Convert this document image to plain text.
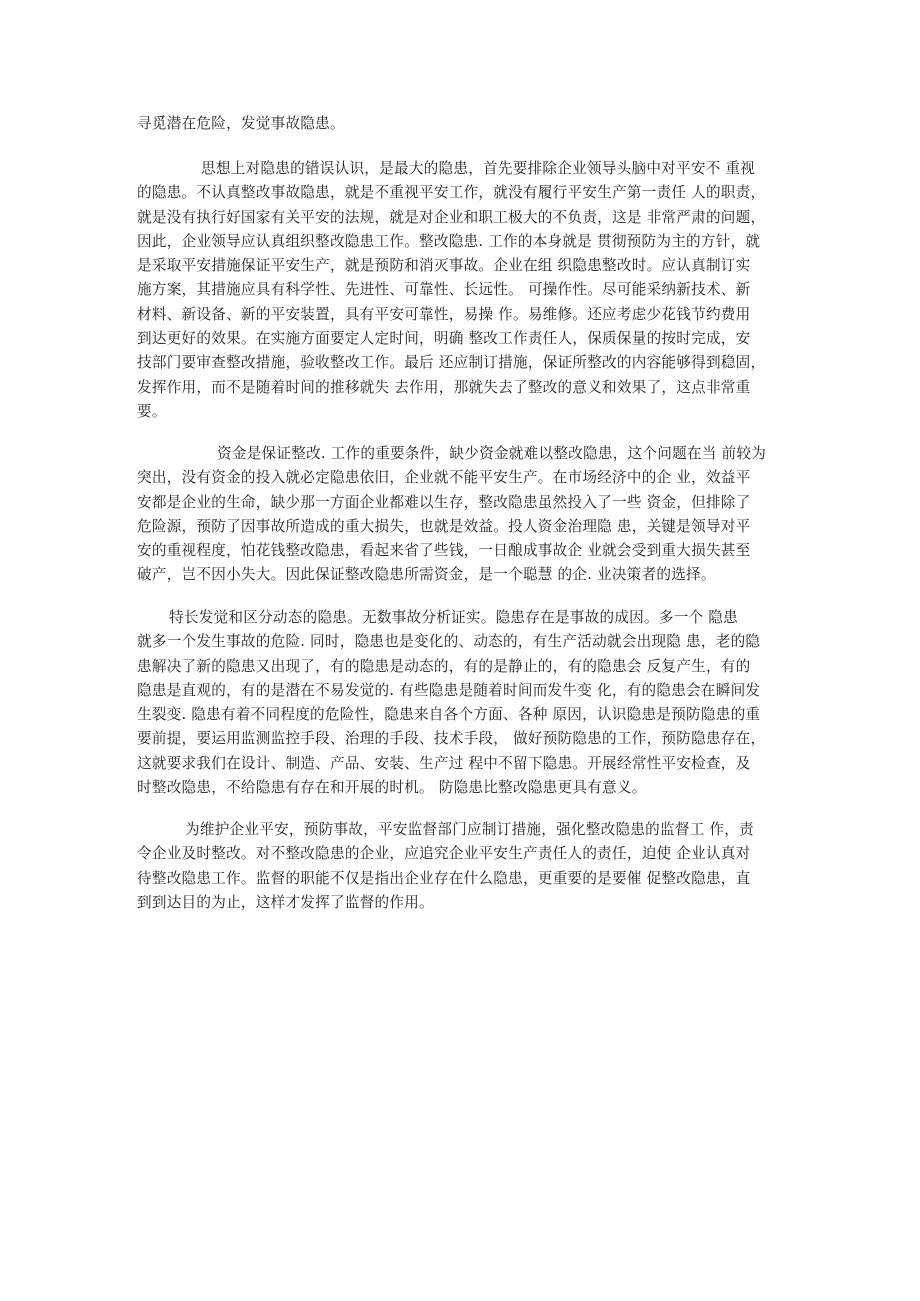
寻觅潜在危险，发觉事故隐患。
思想上对隐患的错误认识，是最大的隐患，首先要排除企业领导头脑中对平安不 重视
的隐患。不认真整改事故隐患，就是不重视平安工作，就没有履行平安生产第一责任 人的职责，
就是没有执行好国家有关平安的法规，就是对企业和职工极大的不负责，这是 非常严肃的问题，
因此，企业领导应认真组织整改隐患工作。整改隐患. 工作的本身就是 贯彻预防为主的方针，就
是采取平安措施保证平安生产，就是预防和消灭事故。企业在组 织隐患整改时。应认真制订实
施方案，其措施应具有科学性、先进性、可靠性、长远性。 可操作性。尽可能采纳新技术、新
材料、新设备、新的平安装置，具有平安可靠性，易操 作。易维修。还应考虑少花钱节约费用
到达更好的效果。在实施方面要定人定时间，明确 整改工作责任人，保质保量的按时完成，安
技部门要审查整改措施，验收整改工作。最后 还应制订措施，保证所整改的内容能够得到稳固，
发挥作用，而不是随着时间的推移就失 去作用，那就失去了整改的意义和效果了，这点非常重
要。
资金是保证整改. 工作的重要条件，缺少资金就难以整改隐患，这个问题在当 前较为
突出，没有资金的投入就必定隐患依旧，企业就不能平安生产。在市场经济中的企 业，效益平
安都是企业的生命，缺少那一方面企业都难以生存，整改隐患虽然投入了一些 资金，但排除了
危险源，预防了因事故所造成的重大损失，也就是效益。投人资金治理隐 患，关键是领导对平
安的重视程度，怕花钱整改隐患，看起来省了些钱，一日酿成事故企 业就会受到重大损失甚至
破产，岂不因小失大。因此保证整改隐患所需资金，是一个聪慧 的企. 业决策者的选择。
特长发觉和区分动态的隐患。无数事故分析证实。隐患存在是事故的成因。多一个 隐患
就多一个发生事故的危险. 同时，隐患也是变化的、动态的，有生产活动就会出现隐 患，老的隐
患解决了新的隐患又出现了，有的隐患是动态的，有的是静止的，有的隐患会 反复产生，有的
隐患是直观的，有的是潜在不易发觉的. 有些隐患是随着时间而发牛变 化，有的隐患会在瞬间发
生裂变. 隐患有着不同程度的危险性，隐患来自各个方面、各种 原因，认识隐患是预防隐患的重
要前提，要运用监测监控手段、治理的手段、技术手段， 做好预防隐患的工作，预防隐患存在，
这就要求我们在设计、制造、产品、安装、生产过 程中不留下隐患。开展经常性平安检查，及
时整改隐患，不给隐患有存在和开展的时机。 防隐患比整改隐患更具有意义。
为维护企业平安，预防事故，平安监督部门应制订措施，强化整改隐患的监督工 作，责
令企业及时整改。对不整改隐患的企业，应追究企业平安生产责任人的责任，迫使 企业认真对
待整改隐患工作。监督的职能不仅是指出企业存在什么隐患，更重要的是要催 促整改隐患，直
到到达目的为止，这样才发挥了监督的作用。
